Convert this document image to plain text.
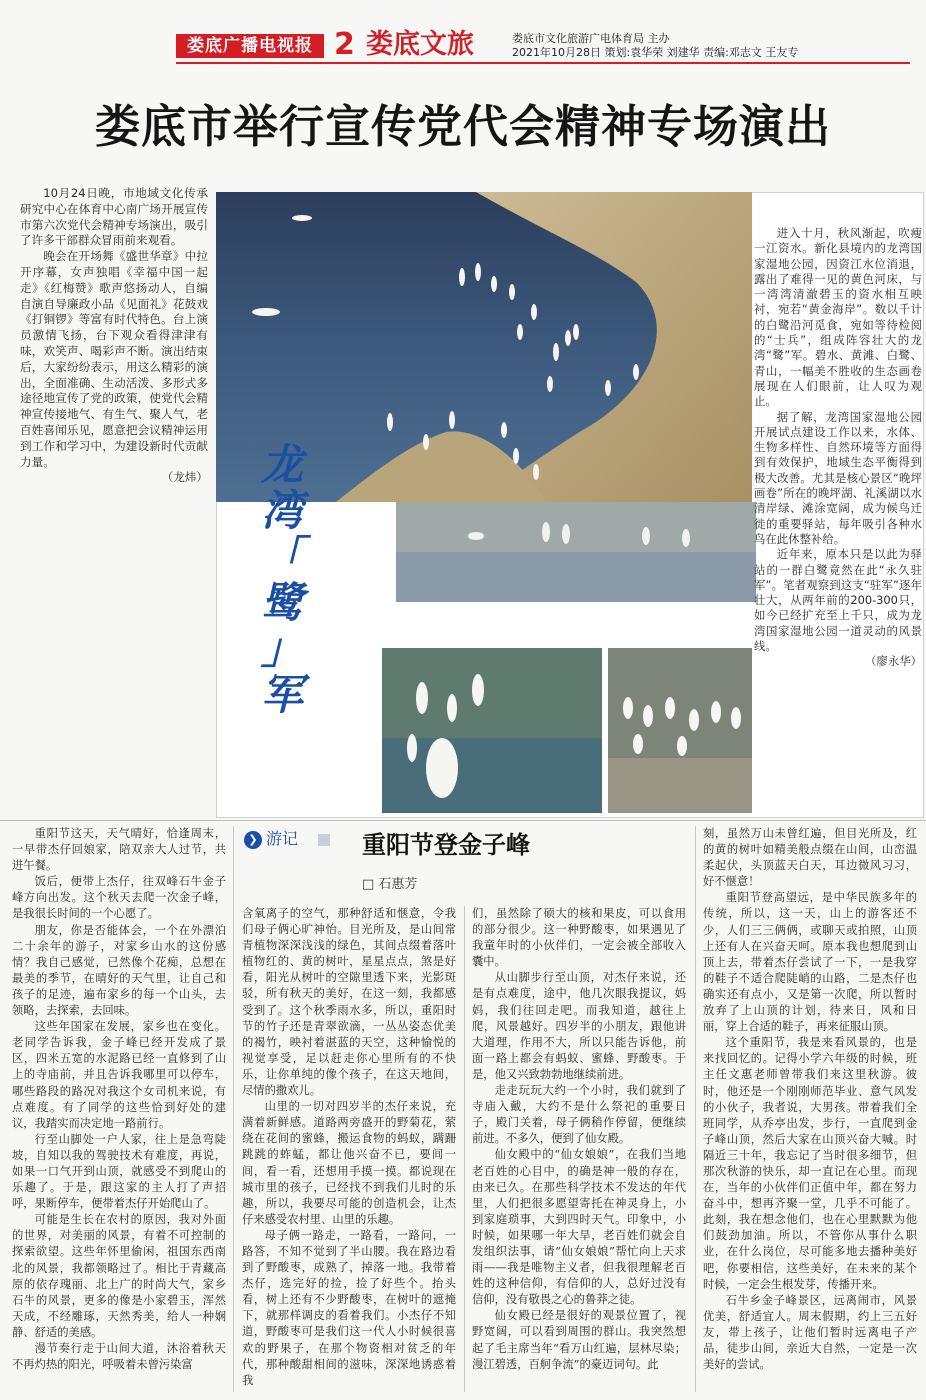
娄底广播电视报 2 娄底文旅	娄底市文化旅游广电体育局 主办
2021年10月28日 策划:袁华荣 刘建华 责编:邓志文 王友专
娄底市举行宣传党代会精神专场演出

10月24日晚，市地域文化传承研究中心在体育中心南广场开展宣传市第六次党代会精神专场演出，吸引了许多干部群众冒雨前来观看。

晚会在开场舞《盛世华章》中拉开序幕，女声独唱《幸福中国一起走》《红梅赞》歌声悠扬动人，自编自演自导廉政小品《见面礼》花鼓戏《打铜锣》等富有时代特色。台上演员激情飞扬，台下观众看得津津有味，欢笑声、喝彩声不断。演出结束后，大家纷纷表示，用这么精彩的演出，全面准确、生动活泼、多形式多途径地宣传了党的政策，使党代会精神宣传接地气、有生气、聚人气，老百姓喜闻乐见，愿意把会议精神运用到工作和学习中，为建设新时代贡献力量。

（龙炜） 龙
湾
「
鹭
」
军

进入十月，秋风渐起，吹瘦一江资水。新化县境内的龙湾国家湿地公园，因资江水位消退，露出了难得一见的黄色河床，与一湾湾清澈碧玉的资水相互映衬，宛若“黄金海岸”。数以千计的白鹭沿河觅食，宛如等待检阅的“士兵”，组成阵容壮大的龙湾“鹭”军。碧水、黄滩、白鹭、青山，一幅美不胜收的生态画卷展现在人们眼前，让人叹为观止。

据了解，龙湾国家湿地公园开展试点建设工作以来，水体、生物多样性、自然环境等方面得到有效保护，地域生态平衡得到极大改善。尤其是核心景区“晚坪画卷”所在的晚坪湖、礼溪湖以水清岸绿、滩涂宽阔，成为候鸟迁徙的重要驿站，每年吸引各种水鸟在此休整补给。

近年来，原本只是以此为驿站的一群白鹭竟然在此“永久驻军”。笔者观察到这支“驻军”逐年壮大，从两年前的200-300只，如今已经扩充至上千只，成为龙湾国家湿地公园一道灵动的风景线。

（廖永华）
❯ 游记	重阳节登金子峰
□ 石惠芳

重阳节这天，天气晴好，恰逢周末，一早带杰仔回娘家，陪双亲大人过节，共进午餐。

饭后，便带上杰仔，往双峰石牛金子峰方向出发。这个秋天去爬一次金子峰，是我很长时间的一个心愿了。

朋友，你是否能体会，一个在外漂泊二十余年的游子，对家乡山水的这份感情？我自己感觉，已然像个花痴，总想在最美的季节，在晴好的天气里，让自己和孩子的足迹，遍布家乡的每一个山头，去领略，去探索，去回味。

这些年国家在发展，家乡也在变化。老同学告诉我，金子峰已经开发成了景区，四米五宽的水泥路已经一直修到了山上的寺庙前，并且告诉我哪里可以停车，哪些路段的路况对我这个女司机来说，有点难度。有了同学的这些恰到好处的建议，我踏实而决定地一路前行。

行至山脚处一户人家，往上是急弯陡坡，自知以我的驾驶技术有难度，再说，如果一口气开到山顶，就感受不到爬山的乐趣了。于是，跟这家的主人打了声招呼，果断停车，便带着杰仔开始爬山了。

可能是生长在农村的原因，我对外面的世界，对美丽的风景，有着不可控制的探索欲望。这些年怀里偷闲，祖国东西南北的风景，我都领略过了。相比于青藏高原的依存瑰丽、北上广的时尚大气，家乡石牛的风景，更多的像是小家碧玉，浑然天成，不经雕琢，天然秀美，给人一种娴静、舒适的美感。

漫节奏行走于山间大道，沐浴着秋天不再灼热的阳光，呼吸着未曾污染富

含氧离子的空气，那种舒适和惬意，令我们母子俩心旷神怡。目光所及，是山间常青植物深深浅浅的绿色，其间点缀着落叶植物红的、黄的树叶，星星点点，煞是好看，阳光从树叶的空隙里透下来，光影斑驳，所有秋天的美好，在这一刻，我都感受到了。这个秋季雨水多，所以，重阳时节的竹子还是青翠欲滴，一丛丛姿态优美的褐竹，映衬着湛蓝的天空，这种愉悦的视觉享受，足以赶走你心里所有的不快乐，让你单纯的像个孩子，在这天地间，尽情的撒欢儿。

山里的一切对四岁半的杰仔来说，充满着新鲜感。道路两旁盛开的野菊花，萦绕在花间的蜜蜂，搬运食物的蚂蚁，蹒跚跳跳的蚱蜢，都让他兴奋不已，要间一间，看一看，还想用手摸一摸。都说现在城市里的孩子，已经找不到我们儿时的乐趣，所以，我要尽可能的创造机会，让杰仔来感受农村里、山里的乐趣。

母子俩一路走，一路看，一路问，一路答，不知不觉到了半山腰。我在路边看到了野酸枣，成熟了，掉落一地。我带着杰仔，选完好的捡，捡了好些个。抬头看，树上还有不少野酸枣，在树叶的遮掩下，就那样调皮的看着我们。小杰仔不知道，野酸枣可是我们这一代人小时候很喜欢的野果子，在那个物资相对贫乏的年代，那种酸甜相间的滋味，深深地诱惑着我

们，虽然除了硕大的核和果皮，可以食用的部分很少。这一种野酸枣，如果遇见了我童年时的小伙伴们，一定会被全部收入囊中。

从山脚步行至山顶，对杰仔来说，还是有点难度，途中，他几次眼我提议，妈妈，我们往回走吧。而我知道，越往上爬，风景越好。四岁半的小朋友，跟他讲大道理，作用不大，所以只能告诉他，前面一路上都会有蚂蚁、蜜蜂、野酸枣。于是，他又兴致勃勃地继续前进。

走走玩玩大约一个小时，我们就到了寺庙入戴，大约不是什么祭祀的重要日子，殿门关着，母子俩稍作停留，便继续前进。不多久，便到了仙女殿。

仙女殿中的“仙女娘娘”，在我们当地老百姓的心目中，的确是神一般的存在，由来已久。在那些科学技术不发达的年代里，人们把很多愿望寄托在神灵身上，小到家庭琐事，大到四时天气。印象中，小时候，如果哪一年大旱，老百姓们就会自发组织法事，请“仙女娘娘”帮忙向上天求雨——我是唯物主义者，但我很理解老百姓的这种信仰，有信仰的人，总好过没有信仰，没有敬畏之心的鲁莽之徒。

仙女殿已经是很好的观景位置了，视野宽阔，可以看到周围的群山。我突然想起了毛主席当年“看万山红遍，层林尽染；漫江碧透，百舸争流”的豪迈词句。此

刻，虽然万山未曾红遍，但目光所及，红的黄的树叶如精美般点缀在山间，山峦温柔起伏，头顶蓝天白天，耳边微风习习，好不惬意！

重阳节登高望远，是中华民族多年的传统，所以，这一天，山上的游客还不少，人们三三俩俩，或聊天或拍照，山顶上还有人在兴奋天呵。原本我也想爬到山顶上去，带着杰仔尝试了一下，一是我穿的鞋子不适合爬陡峭的山路，二是杰仔也确实还有点小，又是第一次爬，所以暂时放弃了上山顶的计划，待来日，风和日丽，穿上合适的鞋子，再来征服山顶。

这个重阳节，我是来看风景的，也是来找回忆的。记得小学六年级的时候，班主任文惠老师曾带我们来这里秋游。彼时，他还是一个刚刚师范毕业、意气风发的小伙子，我者说，大男孩。带着我们全班同学，从乔亭出发，步行，一直爬到金子峰山顶，然后大家在山顶兴奋大喊。时隔近三十年，我忘记了当时很多细节，但那次秋游的快乐，却一直记在心里。而现在，当年的小伙伴们正值中年，都在努力奋斗中，想再齐聚一堂，几乎不可能了。此刻，我在想念他们，也在心里默默为他们鼓劲加油。所以，不管你从事什么职业，在什么岗位，尽可能多地去播种美好吧，你要相信，这些美好，在未来的某个时候，一定会生根发芽，传播开来。

石牛乡金子峰景区，远离闹市，风景优美，舒适宜人。周末假期，约上三五好友，带上孩子，让他们暂时远离电子产品，徒步山间，亲近大自然，一定是一次美好的尝试。
